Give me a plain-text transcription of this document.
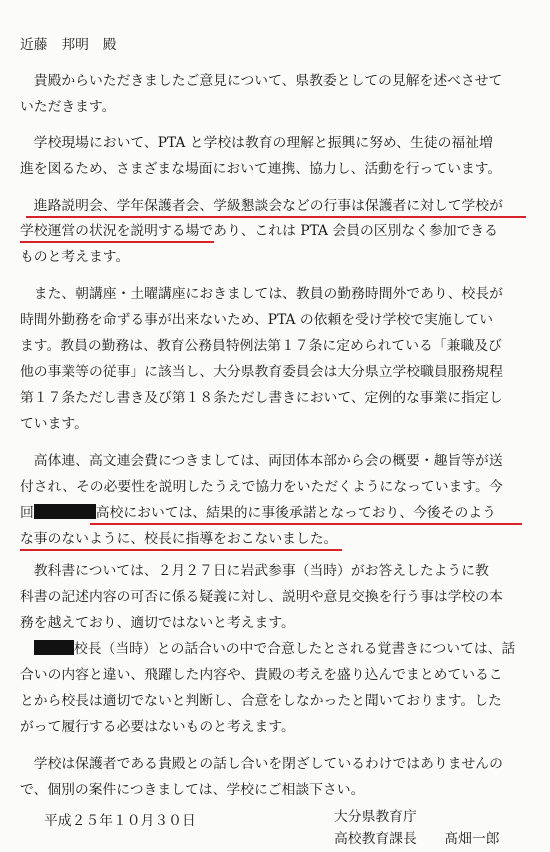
近藤　邦明　殿
　貴殿からいただきましたご意見について、県教委としての見解を述べさせて
いただきます。
　学校現場において、PTA と学校は教育の理解と振興に努め、生徒の福祉増
進を図るため、さまざまな場面において連携、協力し、活動を行っています。
　進路説明会、学年保護者会、学級懇談会などの行事は保護者に対して学校が
学校運営の状況を説明する場であり、これは PTA 会員の区別なく参加できる
ものと考えます。
　また、朝講座・土曜講座におきましては、教員の勤務時間外であり、校長が
時間外勤務を命ずる事が出来ないため、PTA の依頼を受け学校で実施してい
ます。教員の勤務は、教育公務員特例法第１７条に定められている「兼職及び
他の事業等の従事」に該当し、大分県教育委員会は大分県立学校職員服務規程
第１７条ただし書き及び第１８条ただし書きにおいて、定例的な事業に指定し
ています。
　高体連、高文連会費につきましては、両団体本部から会の概要・趣旨等が送
付され、その必要性を説明したうえで協力をいただくようになっています。今
回	高校においては、結果的に事後承諾となっており、今後そのよう
な事のないように、校長に指導をおこないました。
　教科書については、２月２７日に岩武参事（当時）がお答えしたように教
科書の記述内容の可否に係る疑義に対し、説明や意見交換を行う事は学校の本
務を越えており、適切ではないと考えます。
校長（当時）との話合いの中で合意したとされる覚書きについては、話
合いの内容と違い、飛躍した内容や、貴殿の考えを盛り込んでまとめているこ
とから校長は適切でないと判断し、合意をしなかったと聞いております。した
がって履行する必要はないものと考えます。
　学校は保護者である貴殿との話し合いを閉ざしているわけではありませんの
で、個別の案件につきましては、学校にご相談下さい。
平成２５年１０月３０日	大分県教育庁
高校教育課長　　髙畑一郎
